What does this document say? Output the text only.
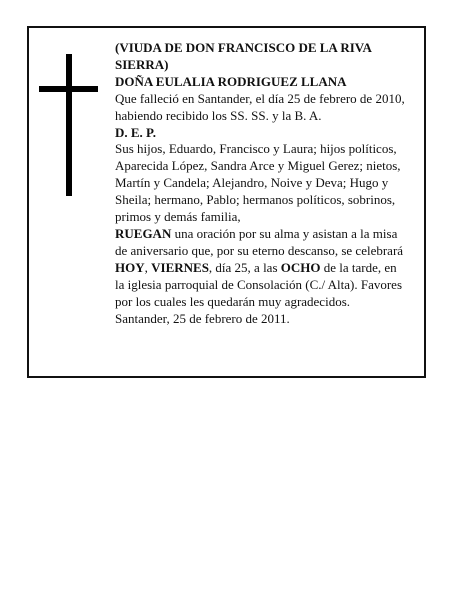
(VIUDA DE DON FRANCISCO DE LA RIVA

SIERRA)

DOÑA EULALIA RODRIGUEZ LLANA

Que falleció en Santander, el día 25 de febrero de 2010,

habiendo recibido los SS. SS. y la B. A.

D. E. P.

Sus hijos, Eduardo, Francisco y Laura; hijos políticos,

Aparecida López, Sandra Arce y Miguel Gerez; nietos,

Martín y Candela; Alejandro, Noive y Deva; Hugo y

Sheila; hermano, Pablo; hermanos políticos, sobrinos,

primos y demás familia,

RUEGAN una oración por su alma y asistan a la misa

de aniversario que, por su eterno descanso, se celebrará

HOY, VIERNES, día 25, a las OCHO de la tarde, en

la iglesia parroquial de Consolación (C./ Alta). Favores

por los cuales les quedarán muy agradecidos.

Santander, 25 de febrero de 2011.
